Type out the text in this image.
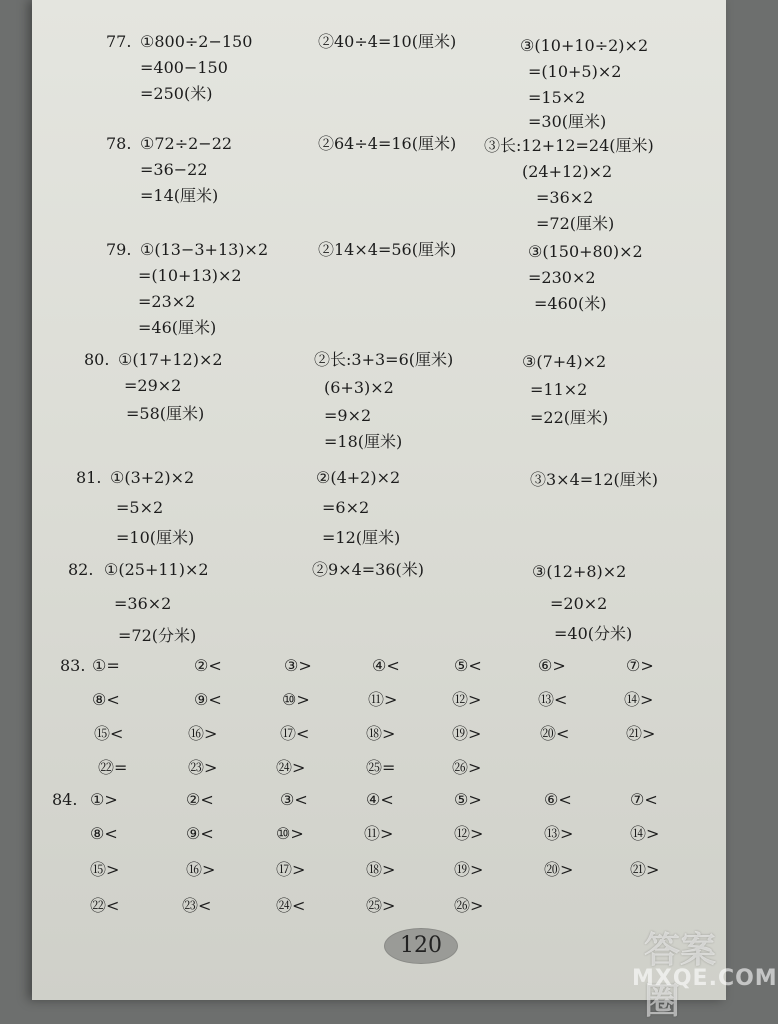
77. ①800÷2−150
=400−150
=250(米)
②40÷4=10(厘米)	③(10+10÷2)×2
=(10+5)×2
=15×2
=30(厘米)
78. ①72÷2−22
=36−22
=14(厘米)
②64÷4=16(厘米) ③长:12+12=24(厘米)
(24+12)×2
=36×2
=72(厘米)
79. ①(13−3+13)×2
=(10+13)×2
=23×2
=46(厘米)
②14×4=56(厘米)	③(150+80)×2
=230×2
=460(米)
80. ①(17+12)×2
=29×2
=58(厘米)
②长:3+3=6(厘米)
(6+3)×2
=9×2
=18(厘米)
③(7+4)×2
=11×2
=22(厘米)
81. ①(3+2)×2
=5×2
=10(厘米)
②(4+2)×2
=6×2
=12(厘米)
③3×4=12(厘米)
82. ①(25+11)×2
=36×2
=72(分米)
②9×4=36(米)	③(12+8)×2
=20×2
=40(分米)
83. ①=	②<	③>	④<	⑤<	⑥>	⑦>
⑧<	⑨<	⑩>	⑪>	⑫>	⑬<	⑭>
⑮<	⑯>	⑰<	⑱>	⑲>	⑳<	㉑>
㉒=	㉓>	㉔>	㉕=	㉖>
84. ①>	②<	③<	④<	⑤>	⑥<	⑦<
⑧<	⑨<	⑩>	⑪>	⑫>	⑬>	⑭>
⑮>	⑯>	⑰>	⑱>	⑲>	⑳>	㉑>
㉒<	㉓<	㉔<	㉕>	㉖>
120	答案圈
MXQE.COM
